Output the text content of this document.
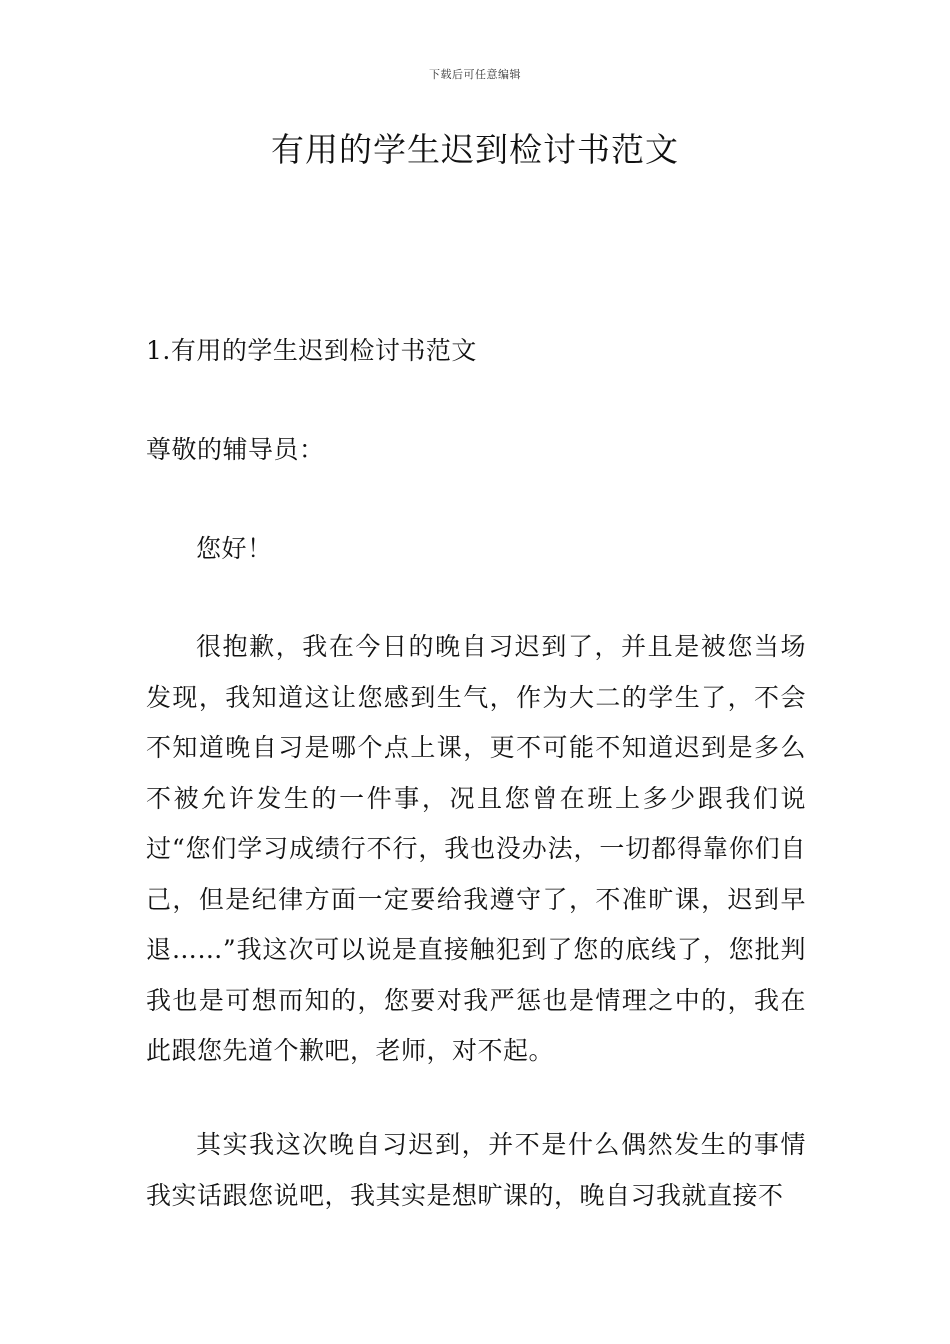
下载后可任意编辑
有用的学生迟到检讨书范文

1.有用的学生迟到检讨书范文

尊敬的辅导员：

您好！

很抱歉，我在今日的晚自习迟到了，并且是被您当场发现，我知道这让您感到生气，作为大二的学生了，不会不知道晚自习是哪个点上课，更不可能不知道迟到是多么不被允许发生的一件事，况且您曾在班上多少跟我们说过“您们学习成绩行不行，我也没办法，一切都得靠你们自己，但是纪律方面一定要给我遵守了，不准旷课，迟到早退……”我这次可以说是直接触犯到了您的底线了，您批判我也是可想而知的，您要对我严惩也是情理之中的，我在此跟您先道个歉吧，老师，对不起。

其实我这次晚自习迟到，并不是什么偶然发生的事情我实话跟您说吧，我其实是想旷课的，晚自习我就直接不
